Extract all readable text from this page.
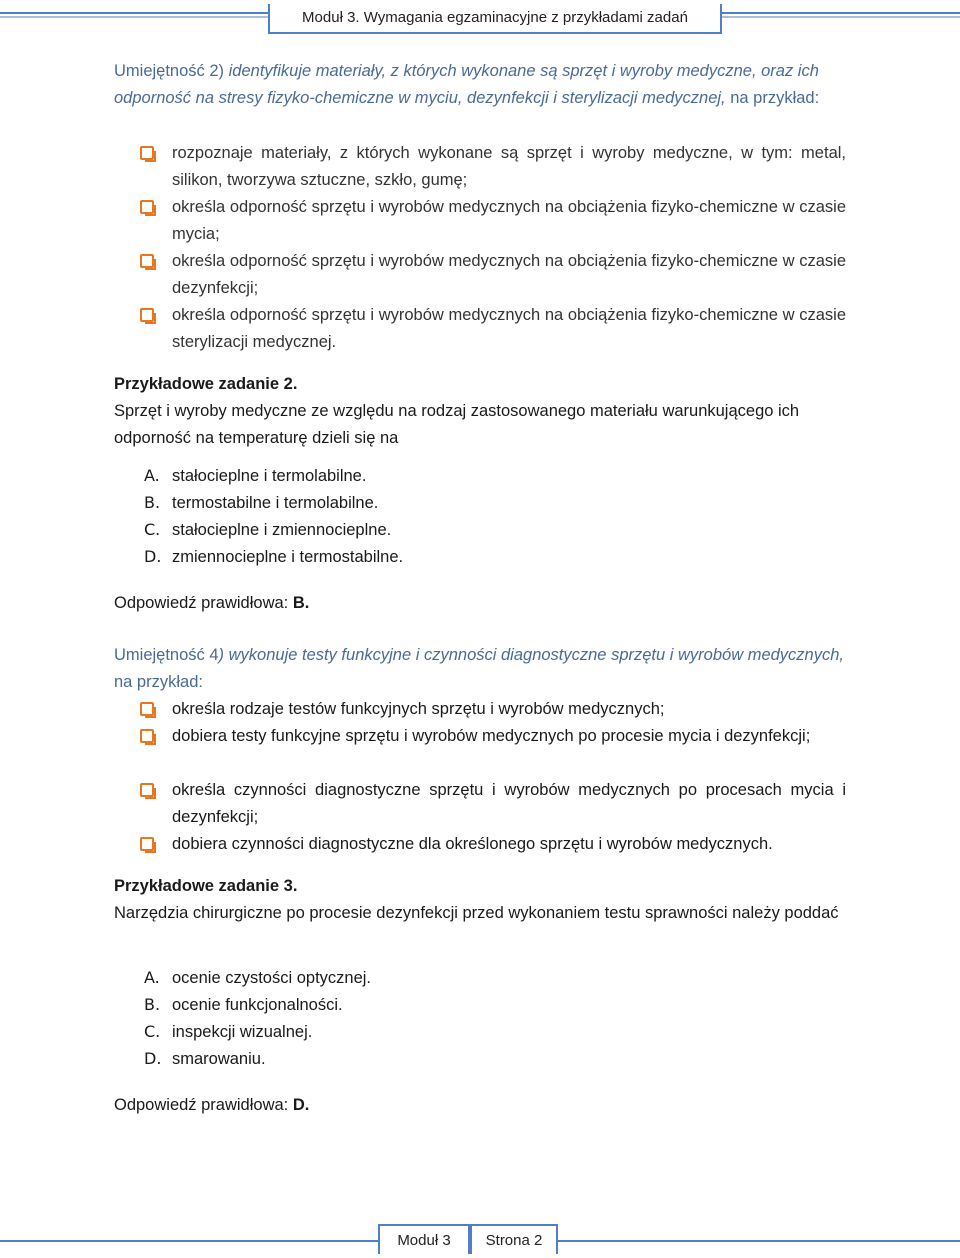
Moduł 3. Wymagania egzaminacyjne z przykładami zadań
Umiejętność 2) identyfikuje materiały, z których wykonane są sprzęt i wyroby medyczne, oraz ich odporność na stresy fizyko-chemiczne w myciu, dezynfekcji i sterylizacji medycznej, na przykład:
rozpoznaje materiały, z których wykonane są sprzęt i wyroby medyczne, w tym: metal, silikon, tworzywa sztuczne, szkło, gumę;
określa odporność sprzętu i wyrobów medycznych na obciążenia fizyko-chemiczne w czasie mycia;
określa odporność sprzętu i wyrobów medycznych na obciążenia fizyko-chemiczne w czasie dezynfekcji;
określa odporność sprzętu i wyrobów medycznych na obciążenia fizyko-chemiczne w czasie sterylizacji medycznej.
Przykładowe zadanie 2.
Sprzęt i wyroby medyczne ze względu na rodzaj zastosowanego materiału warunkującego ich odporność na temperaturę dzieli się na
A. stałocieplne i termolabilne.
B. termostabilne i termolabilne.
C. stałocieplne i zmiennocieplne.
D. zmiennocieplne i termostabilne.
Odpowiedź prawidłowa: B.
Umiejętność 4) wykonuje testy funkcyjne i czynności diagnostyczne sprzętu i wyrobów medycznych, na przykład:
określa rodzaje testów funkcyjnych sprzętu i wyrobów medycznych;
dobiera testy funkcyjne sprzętu i wyrobów medycznych po procesie mycia i dezynfekcji;
określa czynności diagnostyczne sprzętu i wyrobów medycznych po procesach mycia i dezynfekcji;
dobiera czynności diagnostyczne dla określonego sprzętu i wyrobów medycznych.
Przykładowe zadanie 3.
Narzędzia chirurgiczne po procesie dezynfekcji przed wykonaniem testu sprawności należy poddać
A. ocenie czystości optycznej.
B. ocenie funkcjonalności.
C. inspekcji wizualnej.
D. smarowaniu.
Odpowiedź prawidłowa: D.
Moduł 3	Strona 2
